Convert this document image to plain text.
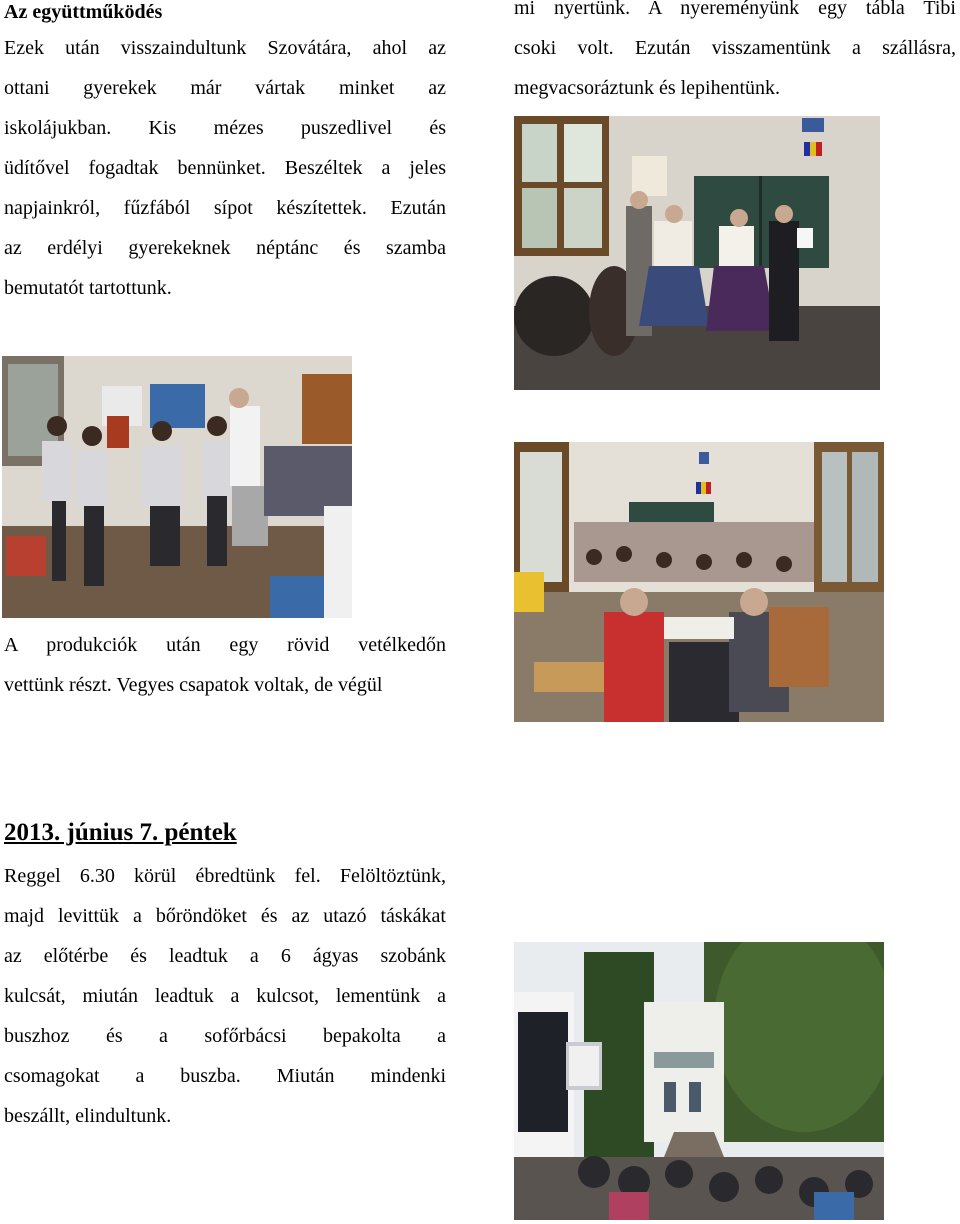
Az együttműködés
Ezek után visszaindultunk Szovátára, ahol az
ottani gyerekek már vártak minket az
iskolájukban. Kis mézes puszedlivel és
üdítővel fogadtak bennünket. Beszéltek a jeles
napjainkról, fűzfából sípot készítettek. Ezután
az erdélyi gyerekeknek néptánc és szamba
bemutatót tartottunk.
mi nyertünk. A nyereményünk egy tábla Tibi
csoki volt. Ezután visszamentünk a szállásra,
megvacsoráztunk és lepihentünk.
A produkciók után egy rövid vetélkedőn
vettünk részt. Vegyes csapatok voltak, de végül
2013. június 7. péntek
Reggel 6.30 körül ébredtünk fel. Felöltöztünk,
majd levittük a bőröndöket és az utazó táskákat
az előtérbe és leadtuk a 6 ágyas szobánk
kulcsát, miután leadtuk a kulcsot, lementünk a
buszhoz és a sofőrbácsi bepakolta a
csomagokat a buszba. Miután mindenki
beszállt, elindultunk.
